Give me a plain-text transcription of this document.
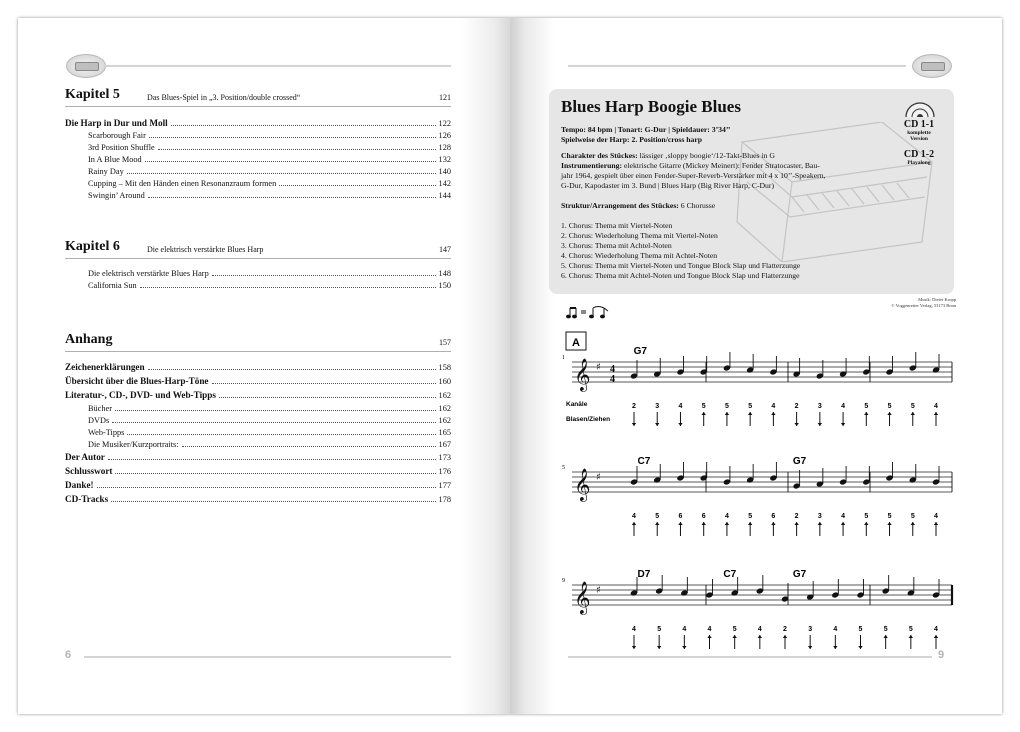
Kapitel 5	Das Blues-Spiel in „3. Position/double crossed“	121
Die Harp in Dur und Moll	122
Scarborough Fair	126
3rd Position Shuffle	128
In A Blue Mood	132
Rainy Day	140
Cupping – Mit den Händen einen Resonanzraum formen	142
Swingin’ Around	144
Kapitel 6	Die elektrisch verstärkte Blues Harp	147
Die elektrisch verstärkte Blues Harp	148
California Sun	150
Anhang	157
Zeichenerklärungen	158
Übersicht über die Blues-Harp-Töne	160
Literatur-, CD-, DVD- und Web-Tipps	162
Bücher	162
DVDs	162
Web-Tipps	165
Die Musiker/Kurzportraits:	167
Der Autor	173
Schlusswort	176
Danke!	177
CD-Tracks	178
6	9
Blues Harp Boogie Blues
Tempo: 84 bpm | Tonart: G-Dur | Spieldauer: 3’34’’
Spielweise der Harp: 2. Position/cross harp
Charakter des Stückes: lässiger ‚sloppy boogie‘/12-Takt-Blues in G
Instrumentierung: elektrische Gitarre (Mickey Meinert): Fender Stratocaster, Bau-
jahr 1964, gespielt über einen Fender-Super-Reverb-Verstärker mit 4 x 10’’-Speakern,
G-Dur, Kapodaster im 3. Bund | Blues Harp (Big River Harp, C-Dur)
Struktur/Arrangement des Stückes: 6 Chorusse
1. Chorus: Thema mit Viertel-Noten
2. Chorus: Wiederholung Thema mit Viertel-Noten
3. Chorus: Thema mit Achtel-Noten
4. Chorus: Wiederholung Thema mit Achtel-Noten
5. Chorus: Thema mit Viertel-Noten und Tongue Block Slap und Flatterzunge
6. Chorus: Thema mit Achtel-Noten und Tongue Block Slap und Flatterzunge
CD 1-1
komplette
Version
CD 1-2
Playalong
Musik: Dieter Kropp
© Voggenreiter Verlag, 53173 Bonn
A
Kanäle
Blasen/Ziehen
𝄞 ♯ 4
4
1
G7
2	3	4	5	5	5	4	2	3	4	5	5	5	4
𝄞 ♯
5
C7	G7
4	5	6	6	4	5	6	2	3	4	5	5	5	4
𝄞 ♯
9
D7	C7	G7
4	5	4	4	5	4	2	3	4	5	5	5	4
